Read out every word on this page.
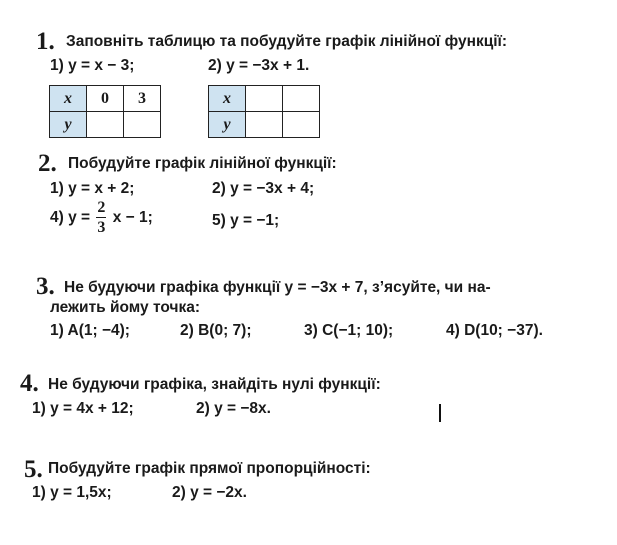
1. Заповніть таблицю та побудуйте графік лінійної функції:
1) y = x − 3;	2) y = −3x + 1.
x	0	3
y		
x		
y		
2. Побудуйте графік лінійної функції:
1) y = x + 2;	2) y = −3x + 4;
4) $y = \frac{2}{3}$ x − 1;	5) y = −1;
3. Не будуючи графіка функції y = −3x + 7, з’ясуйте, чи на-
лежить йому точка:
1) A(1; −4);	2) B(0; 7);	3) C(−1; 10);	4) D(10; −37).
4. Не будуючи графіка, знайдіть нулі функції:
1) y = 4x + 12;	2) y = −8x.
5. Побудуйте графік прямої пропорційності:
1) y = 1,5x;	2) y = −2x.
